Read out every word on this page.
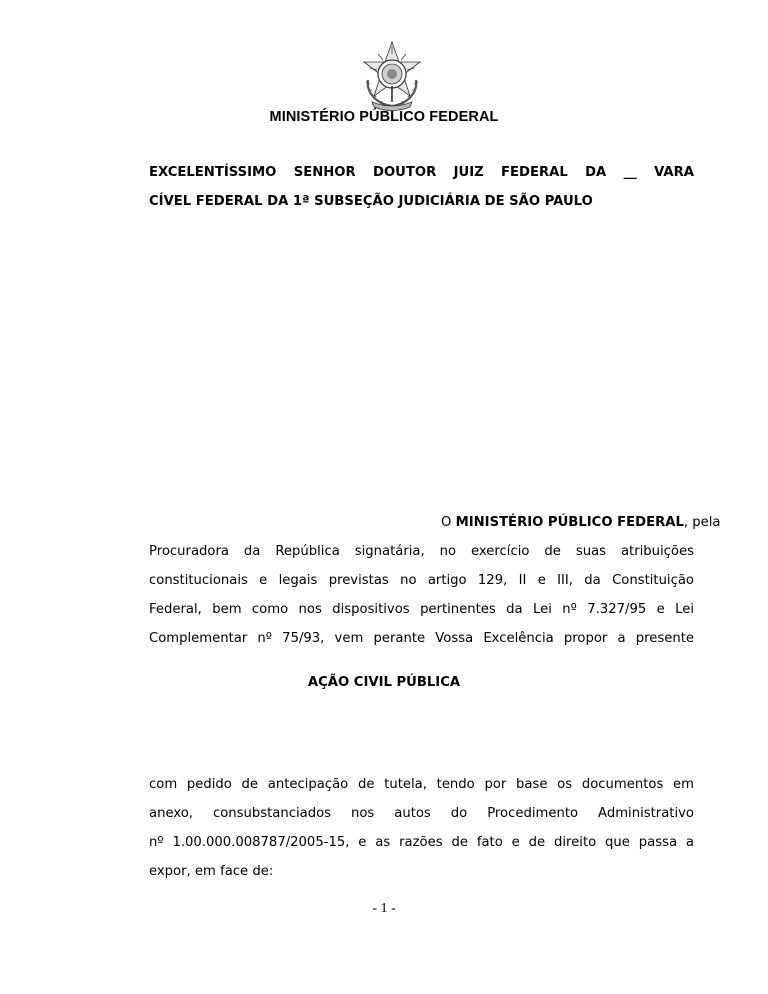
MINISTÉRIO PÚBLICO FEDERAL
EXCELENTÍSSIMO SENHOR DOUTOR JUIZ FEDERAL DA __ VARA
CÍVEL FEDERAL DA 1ª SUBSEÇÃO JUDICIÁRIA DE SÃO PAULO
O MINISTÉRIO PÚBLICO FEDERAL, pela
Procuradora da República signatária, no exercício de suas atribuições
constitucionais e legais previstas no artigo 129, II e III, da Constituição
Federal, bem como nos dispositivos pertinentes da Lei nº 7.327/95 e Lei
Complementar nº 75/93, vem perante Vossa Excelência propor a presente
AÇÃO CIVIL PÚBLICA
com pedido de antecipação de tutela, tendo por base os documentos em
anexo, consubstanciados nos autos do Procedimento Administrativo
nº 1.00.000.008787/2005-15, e as razões de fato e de direito que passa a
expor, em face de:
- 1 -
